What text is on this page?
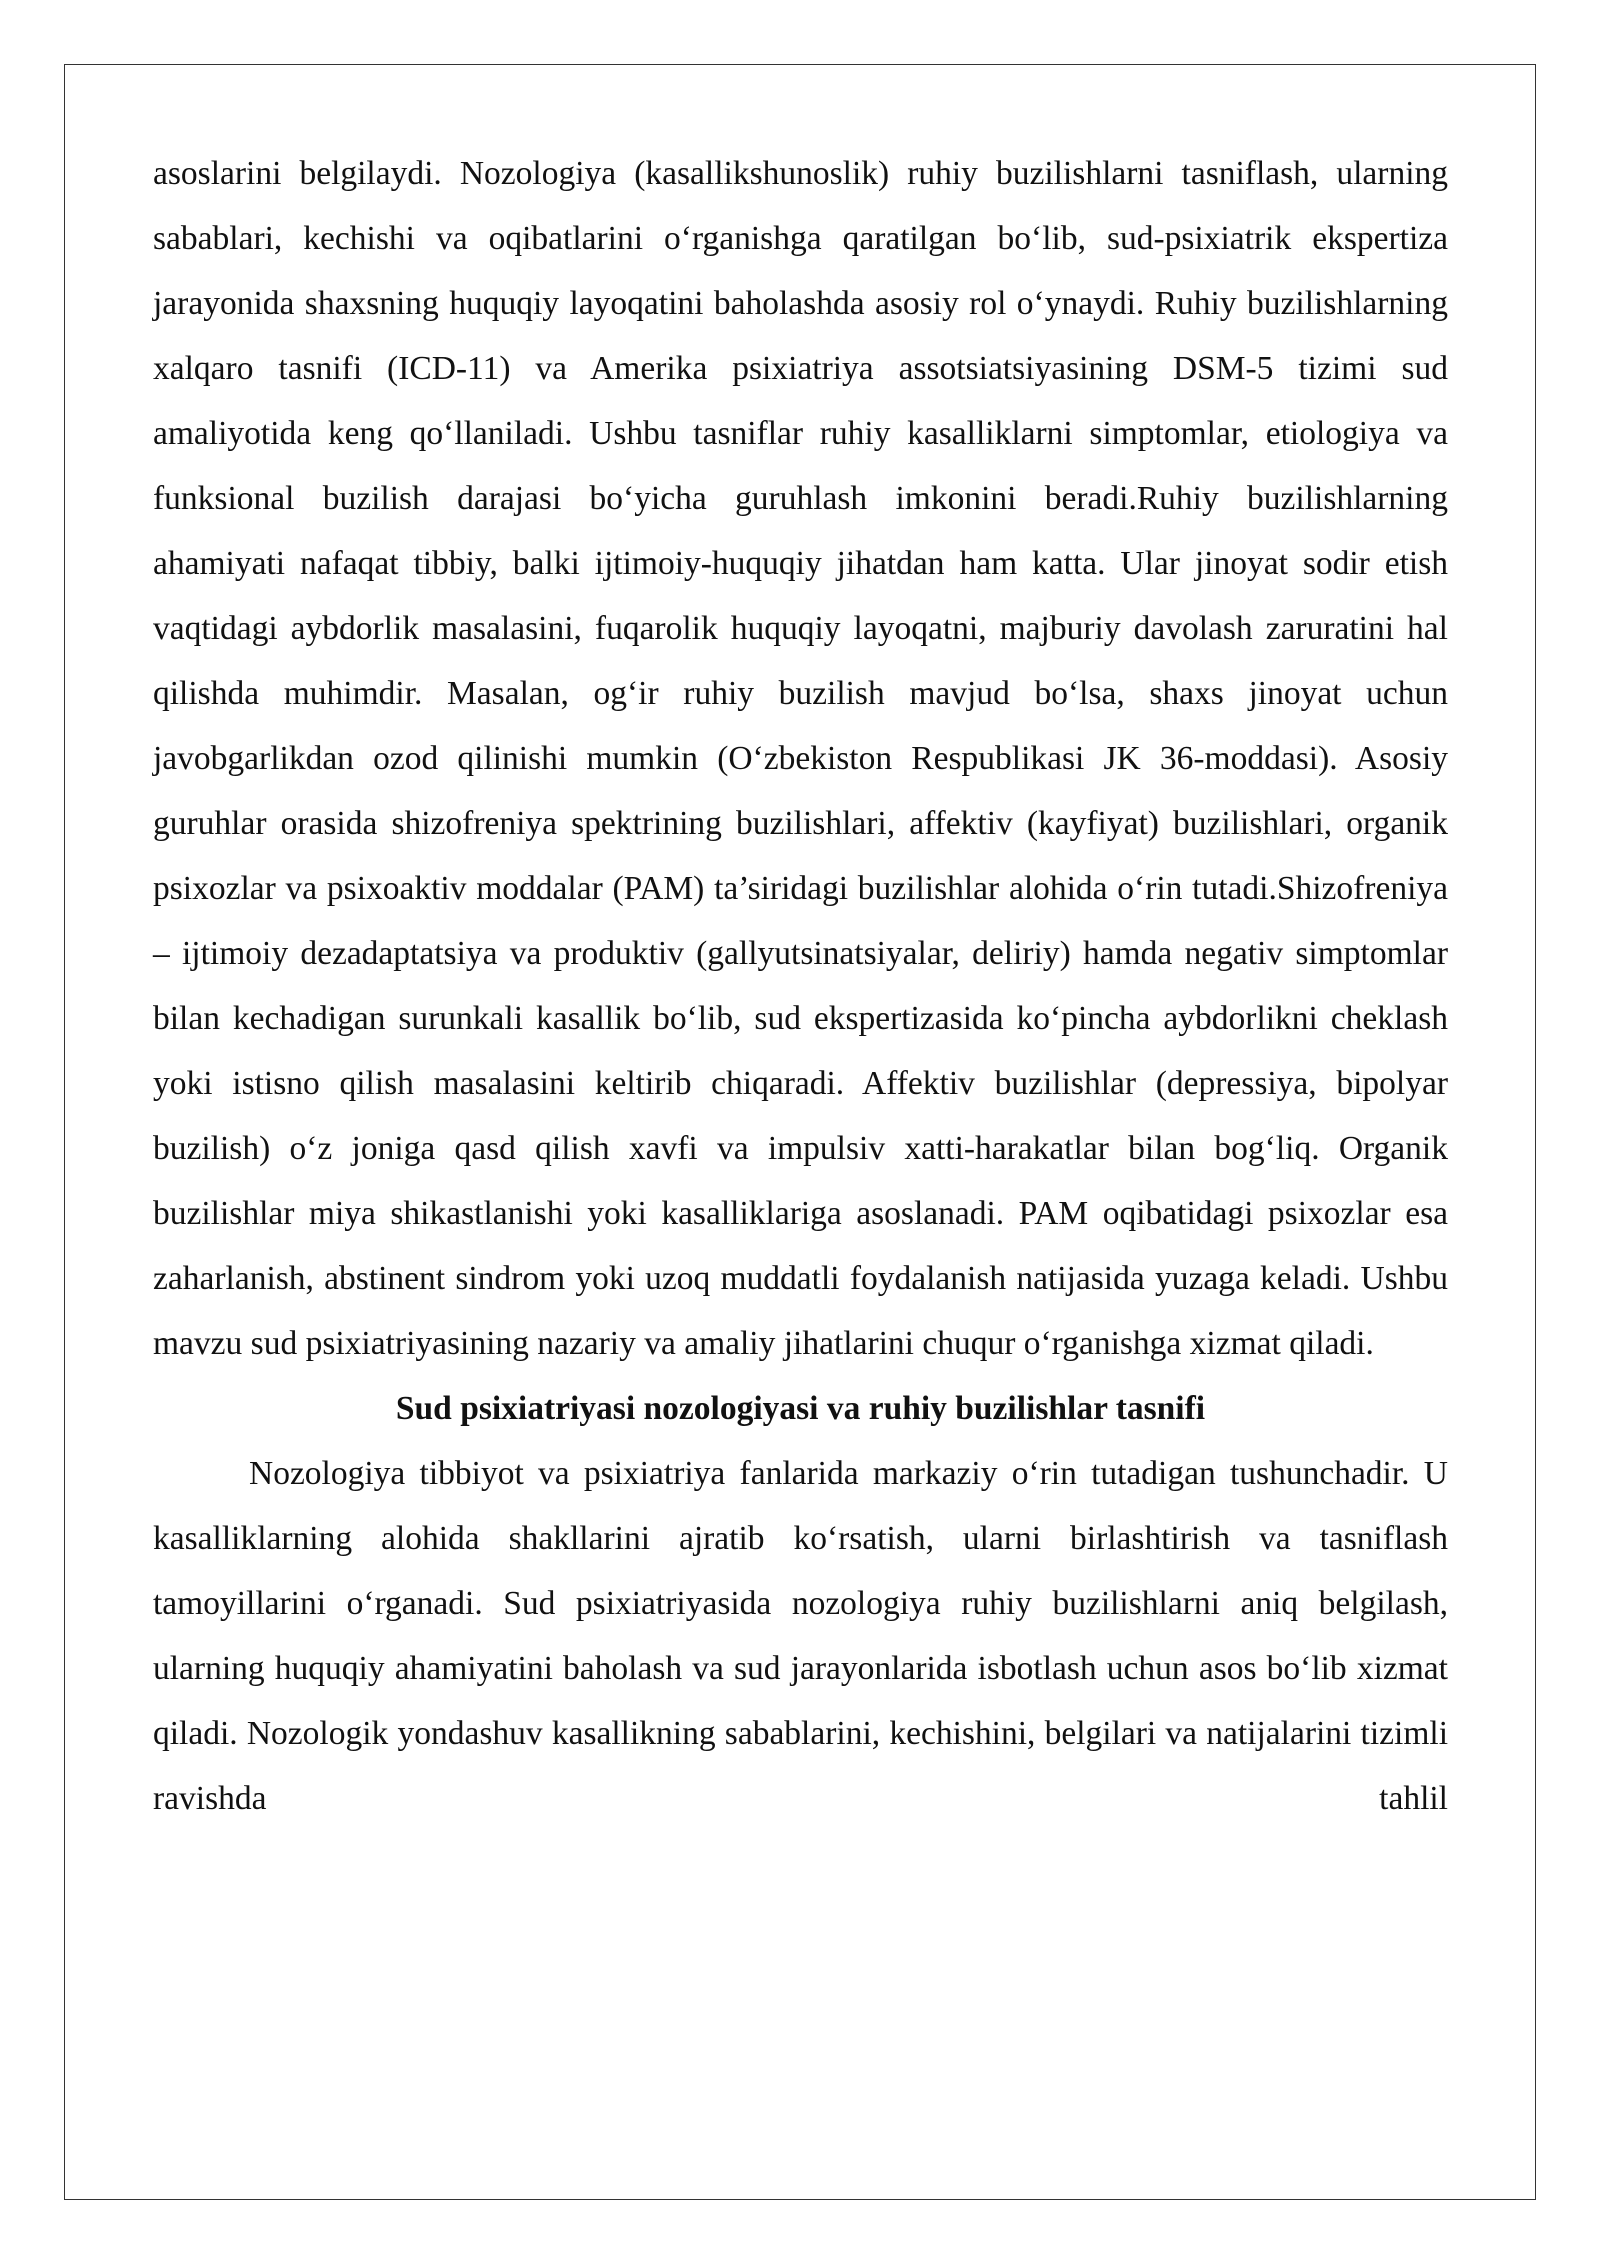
asoslarini belgilaydi. Nozologiya (kasallikshunoslik) ruhiy buzilishlarni tasniflash, ularning sabablari, kechishi va oqibatlarini o‘rganishga qaratilgan bo‘lib, sud-psixiatrik ekspertiza jarayonida shaxsning huquqiy layoqatini baholashda asosiy rol o‘ynaydi. Ruhiy buzilishlarning xalqaro tasnifi (ICD-11) va Amerika psixiatriya assotsiatsiyasining DSM-5 tizimi sud amaliyotida keng qo‘llaniladi. Ushbu tasniflar ruhiy kasalliklarni simptomlar, etiologiya va funksional buzilish darajasi bo‘yicha guruhlash imkonini beradi.Ruhiy buzilishlarning ahamiyati nafaqat tibbiy, balki ijtimoiy-huquqiy jihatdan ham katta. Ular jinoyat sodir etish vaqtidagi aybdorlik masalasini, fuqarolik huquqiy layoqatni, majburiy davolash zaruratini hal qilishda muhimdir. Masalan, og‘ir ruhiy buzilish mavjud bo‘lsa, shaxs jinoyat uchun javobgarlikdan ozod qilinishi mumkin (O‘zbekiston Respublikasi JK 36-moddasi). Asosiy guruhlar orasida shizofreniya spektrining buzilishlari, affektiv (kayfiyat) buzilishlari, organik psixozlar va psixoaktiv moddalar (PAM) ta’siridagi buzilishlar alohida o‘rin tutadi.Shizofreniya – ijtimoiy dezadaptatsiya va produktiv (gallyutsinatsiyalar, deliriy) hamda negativ simptomlar bilan kechadigan surunkali kasallik bo‘lib, sud ekspertizasida ko‘pincha aybdorlikni cheklash yoki istisno qilish masalasini keltirib chiqaradi. Affektiv buzilishlar (depressiya, bipolyar buzilish) o‘z joniga qasd qilish xavfi va impulsiv xatti-harakatlar bilan bog‘liq. Organik buzilishlar miya shikastlanishi yoki kasalliklariga asoslanadi. PAM oqibatidagi psixozlar esa zaharlanish, abstinent sindrom yoki uzoq muddatli foydalanish natijasida yuzaga keladi. Ushbu mavzu sud psixiatriyasining nazariy va amaliy jihatlarini chuqur o‘rganishga xizmat qiladi.

Sud psixiatriyasi nozologiyasi va ruhiy buzilishlar tasnifi

Nozologiya tibbiyot va psixiatriya fanlarida markaziy o‘rin tutadigan tushunchadir. U kasalliklarning alohida shakllarini ajratib ko‘rsatish, ularni birlashtirish va tasniflash tamoyillarini o‘rganadi. Sud psixiatriyasida nozologiya ruhiy buzilishlarni aniq belgilash, ularning huquqiy ahamiyatini baholash va sud jarayonlarida isbotlash uchun asos bo‘lib xizmat qiladi. Nozologik yondashuv kasallikning sabablarini, kechishini, belgilari va natijalarini tizimli ravishda tahlil
